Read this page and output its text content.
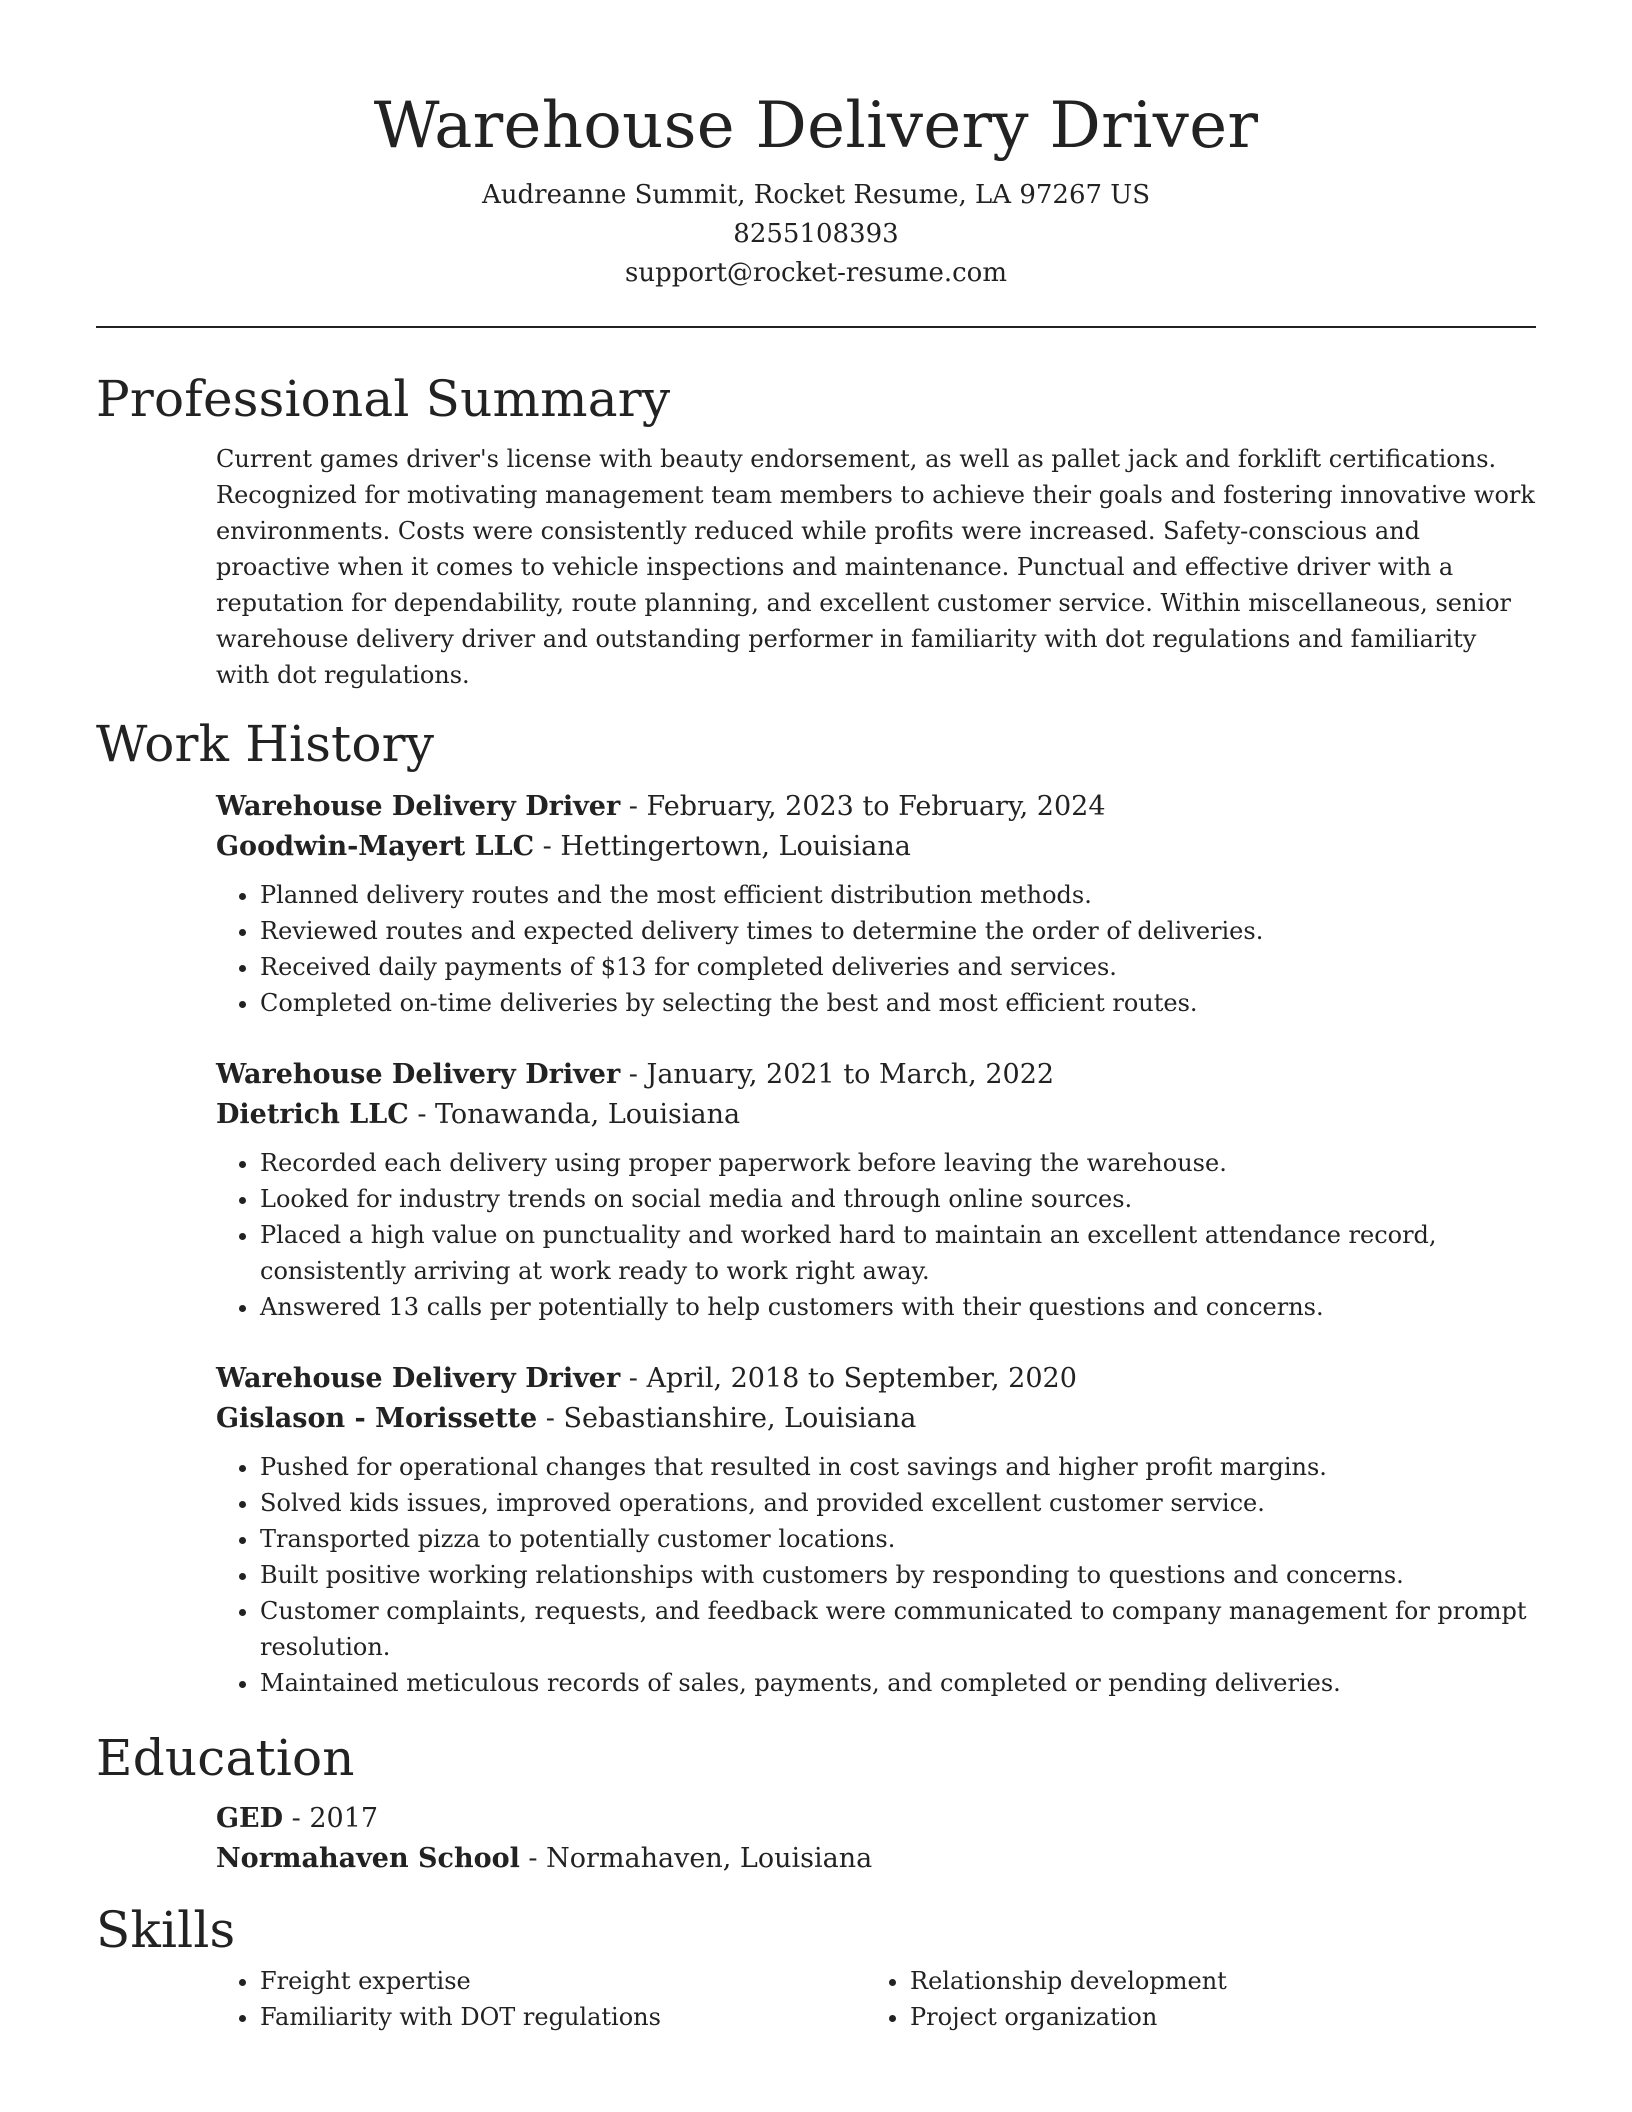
Warehouse Delivery Driver

Audreanne Summit, Rocket Resume, LA 97267 US

8255108393

support@rocket-resume.com

Professional Summary

Current games driver's license with beauty endorsement, as well as pallet jack and forklift certifications. Recognized for motivating management team members to achieve their goals and fostering innovative work environments. Costs were consistently reduced while profits were increased. Safety-conscious and proactive when it comes to vehicle inspections and maintenance. Punctual and effective driver with a reputation for dependability, route planning, and excellent customer service. Within miscellaneous, senior warehouse delivery driver and outstanding performer in familiarity with dot regulations and familiarity with dot regulations.

Work History

Warehouse Delivery Driver - February, 2023 to February, 2024

Goodwin-Mayert LLC - Hettingertown, Louisiana

• Planned delivery routes and the most efficient distribution methods.
• Reviewed routes and expected delivery times to determine the order of deliveries.
• Received daily payments of $13 for completed deliveries and services.
• Completed on-time deliveries by selecting the best and most efficient routes.

Warehouse Delivery Driver - January, 2021 to March, 2022

Dietrich LLC - Tonawanda, Louisiana

• Recorded each delivery using proper paperwork before leaving the warehouse.
• Looked for industry trends on social media and through online sources.
• Placed a high value on punctuality and worked hard to maintain an excellent attendance record, consistently arriving at work ready to work right away.
• Answered 13 calls per potentially to help customers with their questions and concerns.

Warehouse Delivery Driver - April, 2018 to September, 2020

Gislason - Morissette - Sebastianshire, Louisiana

• Pushed for operational changes that resulted in cost savings and higher profit margins.
• Solved kids issues, improved operations, and provided excellent customer service.
• Transported pizza to potentially customer locations.
• Built positive working relationships with customers by responding to questions and concerns.
• Customer complaints, requests, and feedback were communicated to company management for prompt resolution.
• Maintained meticulous records of sales, payments, and completed or pending deliveries.
Education

GED - 2017

Normahaven School - Normahaven, Louisiana

Skills
• Freight expertise
• Familiarity with DOT regulations
• Relationship development
• Project organization
